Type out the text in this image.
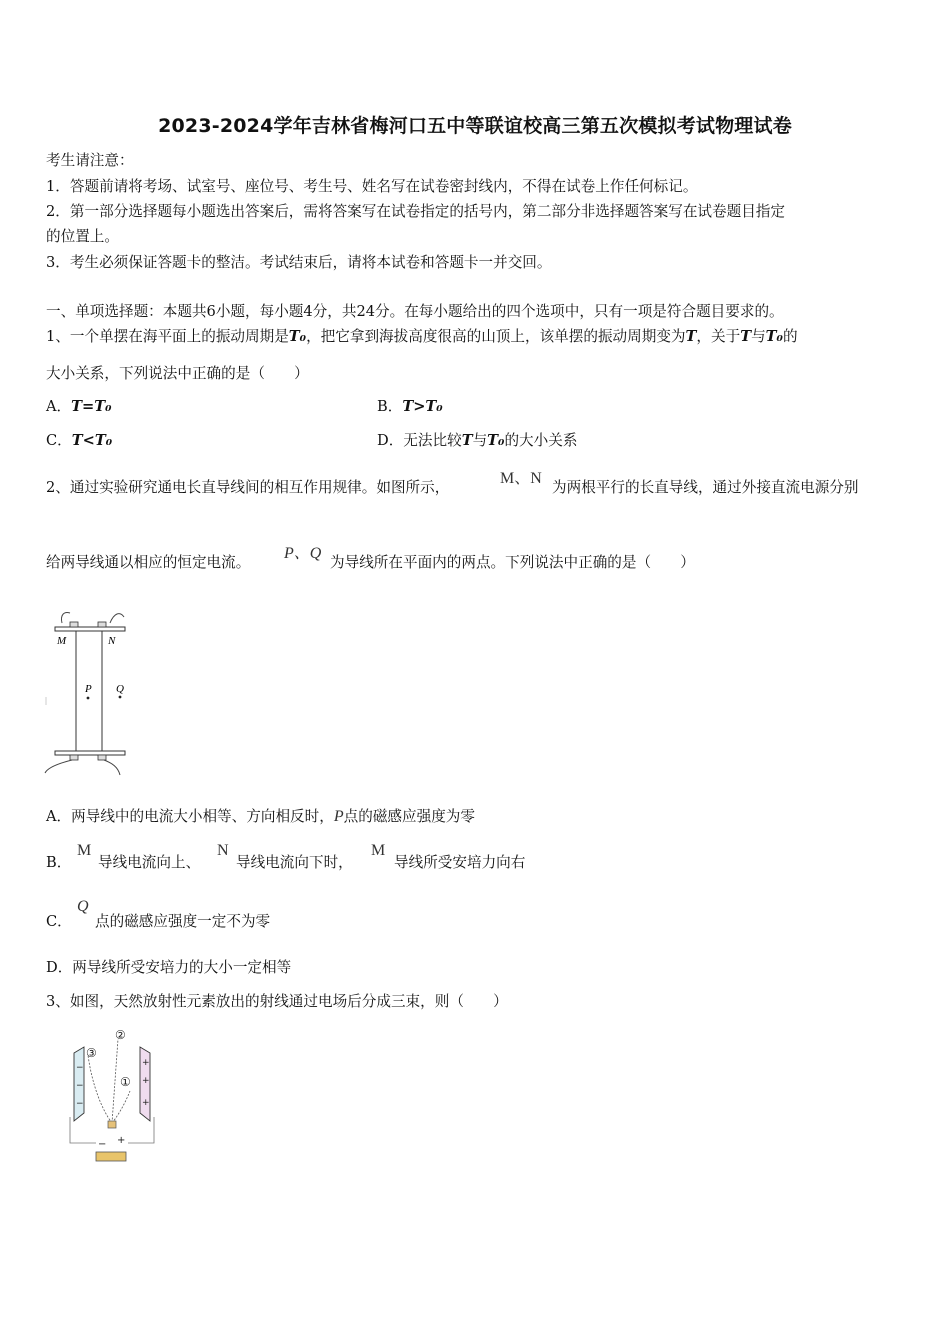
2023-2024学年吉林省梅河口五中等联谊校高三第五次模拟考试物理试卷
考生请注意：
1．答题前请将考场、试室号、座位号、考生号、姓名写在试卷密封线内，不得在试卷上作任何标记。
2．第一部分选择题每小题选出答案后，需将答案写在试卷指定的括号内，第二部分非选择题答案写在试卷题目指定
的位置上。
3．考生必须保证答题卡的整洁。考试结束后，请将本试卷和答题卡一并交回。
一、单项选择题：本题共6小题，每小题4分，共24分。在每小题给出的四个选项中，只有一项是符合题目要求的。
1、一个单摆在海平面上的振动周期是T₀，把它拿到海拔高度很高的山顶上，该单摆的振动周期变为T，关于T与T₀的
大小关系，下列说法中正确的是（　　）
A．T=T₀	B．T>T₀
C．T<T₀	D．无法比较T与T₀的大小关系
2、通过实验研究通电长直导线间的相互作用规律。如图所示，
M、N
为两根平行的长直导线，通过外接直流电源分别
给两导线通以相应的恒定电流。
P、Q
为导线所在平面内的两点。下列说法中正确的是（　　）
M	N
P Q
A．两导线中的电流大小相等、方向相反时，P点的磁感应强度为零
B．
M
导线电流向上、
N
导线电流向下时，
M
导线所受安培力向右
C．
Q
点的磁感应强度一定不为零
D．两导线所受安培力的大小一定相等
3、如图，天然放射性元素放出的射线通过电场后分成三束，则（　　）
−
−
−
+
+
+
③
②
①
− +
